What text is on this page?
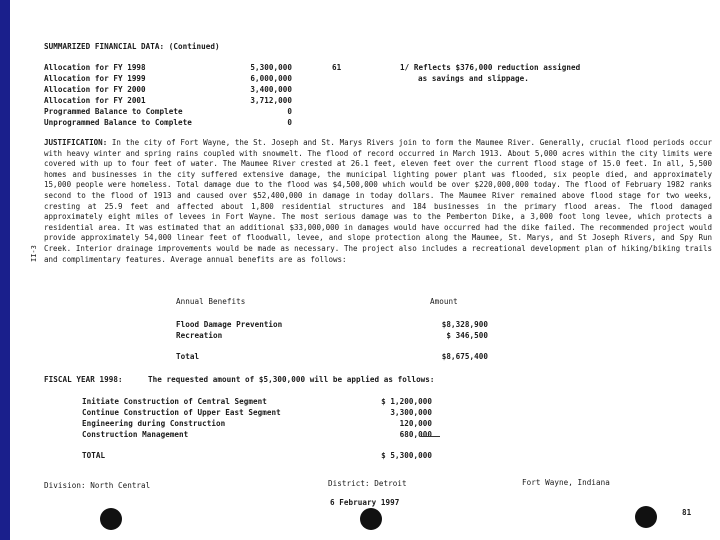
SUMMARIZED FINANCIAL DATA: (Continued)
Allocation for FY 1998	5,300,000
Allocation for FY 1999	6,000,000
Allocation for FY 2000	3,400,000
Allocation for FY 2001	3,712,000
Programmed Balance to Complete	0
Unprogrammed Balance to Complete	0
61	1/ Reflects $376,000 reduction assigned
as savings and slippage.
JUSTIFICATION: In the city of Fort Wayne, the St. Joseph and St. Marys Rivers join to form the Maumee River. Generally, crucial flood periods occur with heavy winter and spring rains coupled with snowmelt. The flood of record occurred in March 1913. About 5,000 acres within the city limits were covered with up to four feet of water. The Maumee River crested at 26.1 feet, eleven feet over the current flood stage of 15.0 feet. In all, 5,500 homes and businesses in the city suffered extensive damage, the municipal lighting power plant was flooded, six people died, and approximately 15,000 people were homeless. Total damage due to the flood was $4,500,000 which would be over $220,000,000 today. The flood of February 1982 ranks second to the flood of 1913 and caused over $52,400,000 in damage in today dollars. The Maumee River remained above flood stage for two weeks, cresting at 25.9 feet and affected about 1,800 residential structures and 184 businesses in the primary flood areas. The flood damaged approximately eight miles of levees in Fort Wayne. The most serious damage was to the Pemberton Dike, a 3,000 foot long levee, which protects a residential area. It was estimated that an additional $33,000,000 in damages would have occurred had the dike failed. The recommended project would provide approximately 54,000 linear feet of floodwall, levee, and slope protection along the Maumee, St. Marys, and St Joseph Rivers, and Spy Run Creek. Interior drainage improvements would be made as necessary. The project also includes a recreational development plan of hiking/biking trails and complimentary features. Average annual benefits are as follows:
II-3
Annual Benefits	Amount
Flood Damage Prevention	$8,328,900
Recreation	$ 346,500
Total	$8,675,400
FISCAL YEAR 1998:	The requested amount of $5,300,000 will be applied as follows:
Initiate Construction of Central Segment	$ 1,200,000
Continue Construction of Upper East Segment	3,300,000
Engineering during Construction	120,000
Construction Management	680,000
TOTAL	$ 5,300,000
Division: North Central	District: Detroit	Fort Wayne, Indiana
6 February 1997
81
